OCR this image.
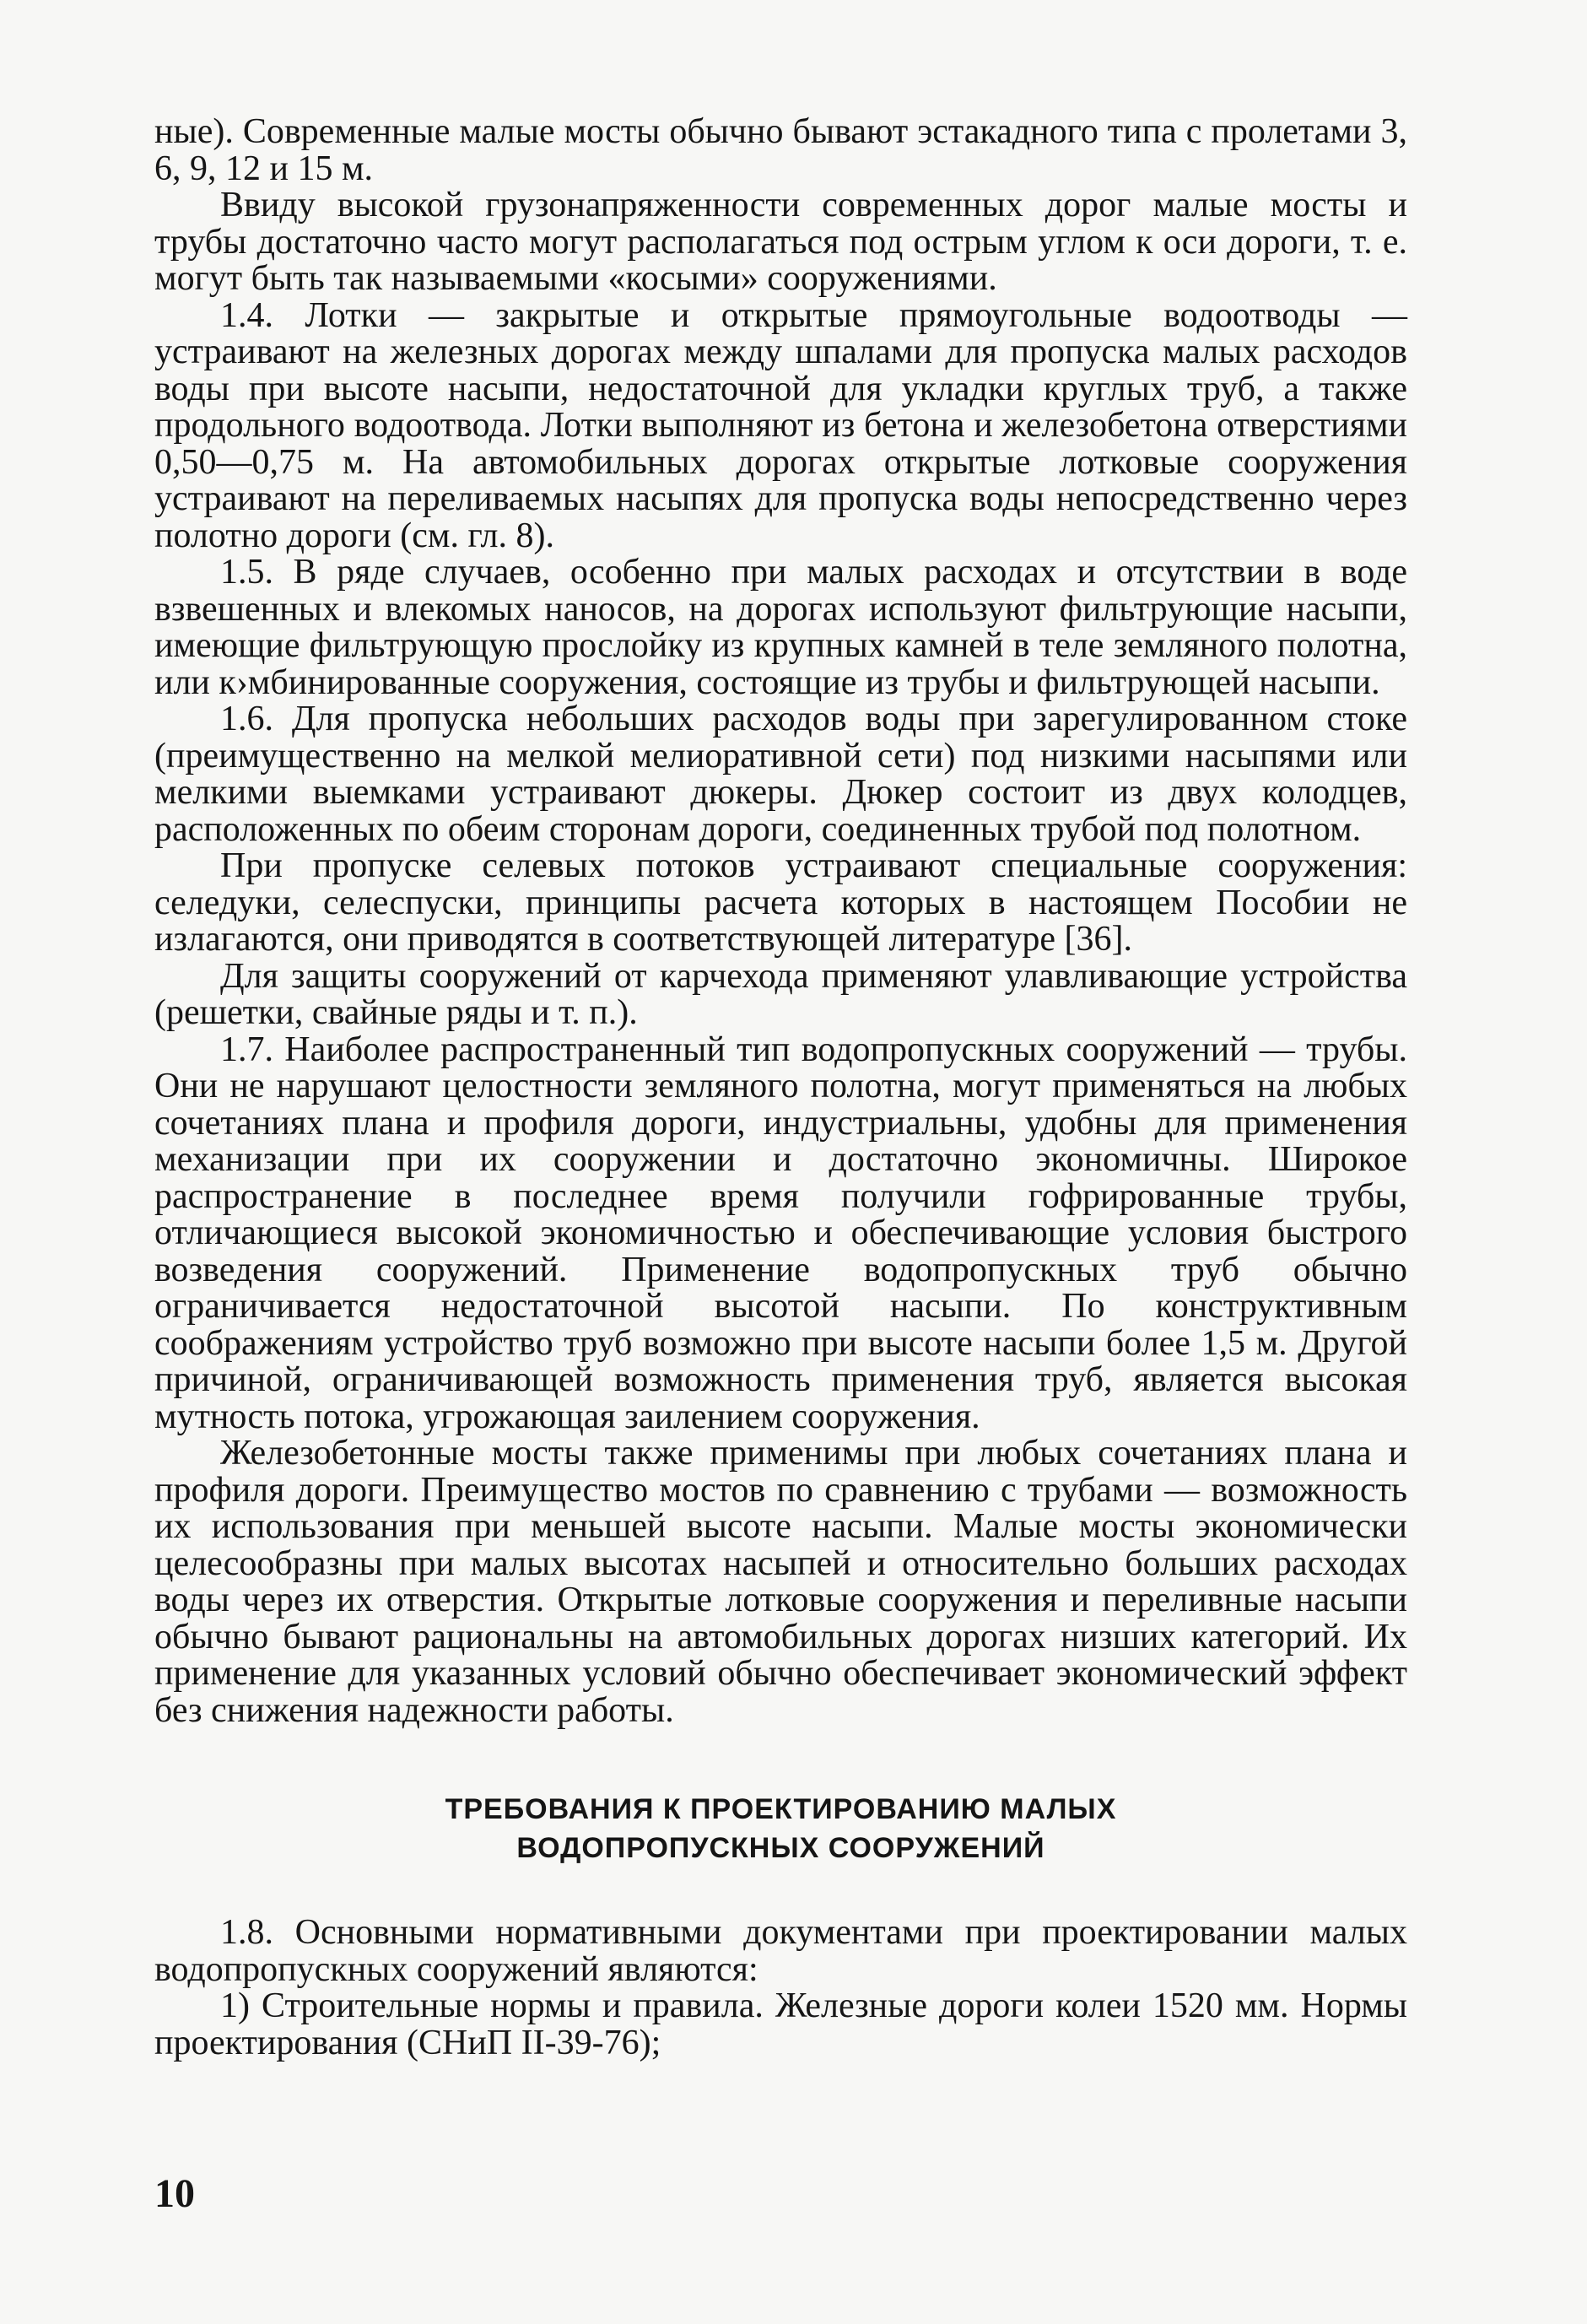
ные). Современные малые мосты обычно бывают эстакадного типа с пролетами 3, 6, 9, 12 и 15 м.

Ввиду высокой грузонапряженности современных дорог малые мосты и трубы достаточно часто могут располагаться под острым углом к оси дороги, т. е. могут быть так называемыми «косыми» сооружениями.

1.4. Лотки — закрытые и открытые прямоугольные водоотводы — устраивают на железных дорогах между шпалами для пропуска малых расходов воды при высоте насыпи, недостаточной для укладки круглых труб, а также продольного водоотвода. Лотки выполняют из бетона и железобетона отверстиями 0,50—0,75 м. На автомобильных дорогах открытые лотковые сооружения устраивают на переливаемых насыпях для пропуска воды непосредственно через полотно дороги (см. гл. 8).

1.5. В ряде случаев, особенно при малых расходах и отсутствии в воде взвешенных и влекомых наносов, на дорогах используют фильтрующие насыпи, имеющие фильтрующую прослойку из крупных камней в теле земляного полотна, или к›мбинированные сооружения, состоящие из трубы и фильтрующей насыпи.

1.6. Для пропуска небольших расходов воды при зарегулированном стоке (преимущественно на мелкой мелиоративной сети) под низкими насыпями или мелкими выемками устраивают дюкеры. Дюкер состоит из двух колодцев, расположенных по обеим сторонам дороги, соединенных трубой под полотном.

При пропуске селевых потоков устраивают специальные сооружения: селедуки, селеспуски, принципы расчета которых в настоящем Пособии не излагаются, они приводятся в соответствующей литературе [36].

Для защиты сооружений от карчехода применяют улавливающие устройства (решетки, свайные ряды и т. п.).

1.7. Наиболее распространенный тип водопропускных сооружений — трубы. Они не нарушают целостности земляного полотна, могут применяться на любых сочетаниях плана и профиля дороги, индустриальны, удобны для применения механизации при их сооружении и достаточно экономичны. Широкое распространение в последнее время получили гофрированные трубы, отличающиеся высокой экономичностью и обеспечивающие условия быстрого возведения сооружений. Применение водопропускных труб обычно ограничивается недостаточной высотой насыпи. По конструктивным соображениям устройство труб возможно при высоте насыпи более 1,5 м. Другой причиной, ограничивающей возможность применения труб, является высокая мутность потока, угрожающая заилением сооружения.

Железобетонные мосты также применимы при любых сочетаниях плана и профиля дороги. Преимущество мостов по сравнению с трубами — возможность их использования при меньшей высоте насыпи. Малые мосты экономически целесообразны при малых высотах насыпей и относительно больших расходах воды через их отверстия. Открытые лотковые сооружения и переливные насыпи обычно бывают рациональны на автомобильных дорогах низших категорий. Их применение для указанных условий обычно обеспечивает экономический эффект без снижения надежности работы.

ТРЕБОВАНИЯ К ПРОЕКТИРОВАНИЮ МАЛЫХ
ВОДОПРОПУСКНЫХ СООРУЖЕНИЙ

1.8. Основными нормативными документами при проектировании малых водопропускных сооружений являются:

1) Строительные нормы и правила. Железные дороги колеи 1520 мм. Нормы проектирования (СНиП II-39-76);

10
